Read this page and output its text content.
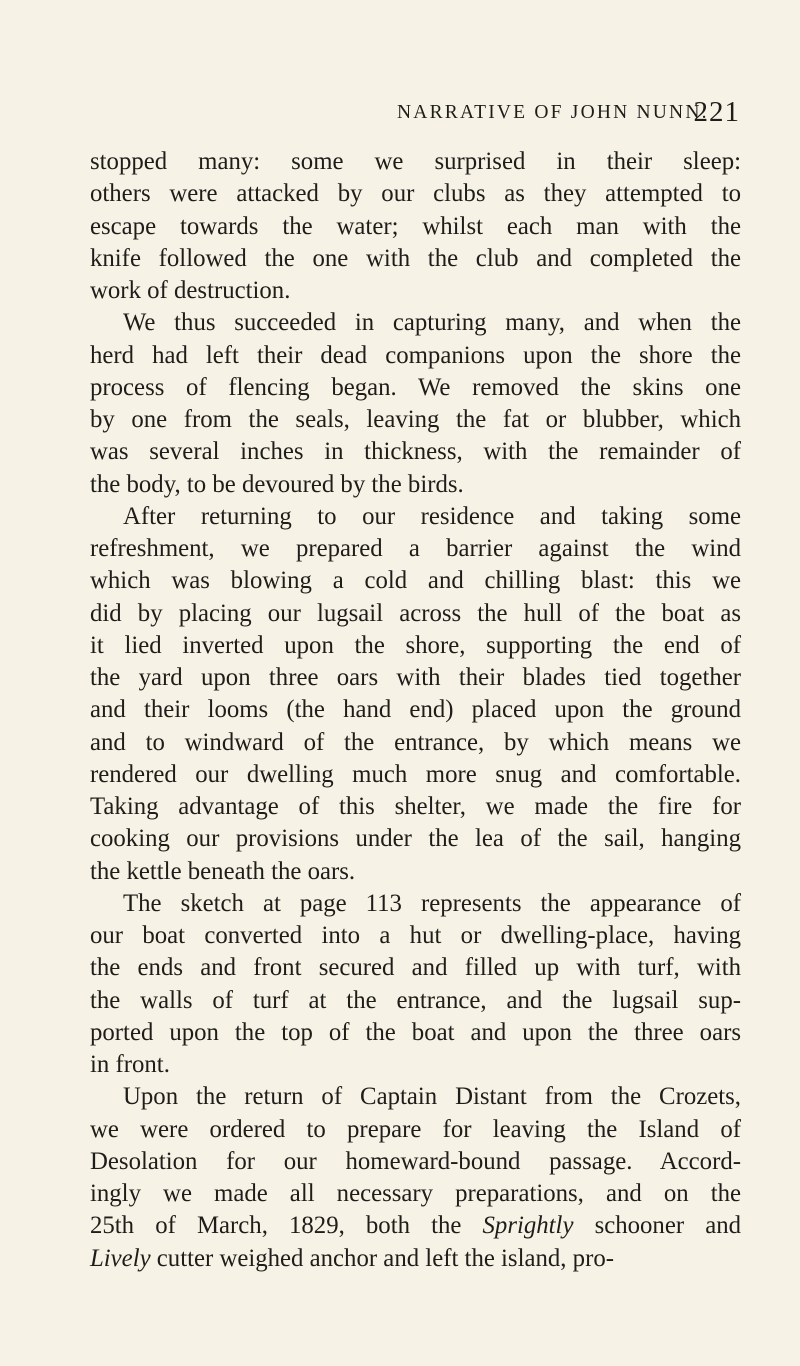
NARRATIVE OF JOHN NUNN.
221
stopped many: some we surprised in their sleep:
others were attacked by our clubs as they attempted to
escape towards the water; whilst each man with the
knife followed the one with the club and completed the
work of destruction.
We thus succeeded in capturing many, and when the
herd had left their dead companions upon the shore the
process of flencing began. We removed the skins one
by one from the seals, leaving the fat or blubber, which
was several inches in thickness, with the remainder of
the body, to be devoured by the birds.
After returning to our residence and taking some
refreshment, we prepared a barrier against the wind
which was blowing a cold and chilling blast: this we
did by placing our lugsail across the hull of the boat as
it lied inverted upon the shore, supporting the end of
the yard upon three oars with their blades tied together
and their looms (the hand end) placed upon the ground
and to windward of the entrance, by which means we
rendered our dwelling much more snug and comfortable.
Taking advantage of this shelter, we made the fire for
cooking our provisions under the lea of the sail, hanging
the kettle beneath the oars.
The sketch at page 113 represents the appearance of
our boat converted into a hut or dwelling-place, having
the ends and front secured and filled up with turf, with
the walls of turf at the entrance, and the lugsail sup-
ported upon the top of the boat and upon the three oars
in front.
Upon the return of Captain Distant from the Crozets,
we were ordered to prepare for leaving the Island of
Desolation for our homeward-bound passage. Accord-
ingly we made all necessary preparations, and on the
25th of March, 1829, both the Sprightly schooner and
Lively cutter weighed anchor and left the island, pro-
